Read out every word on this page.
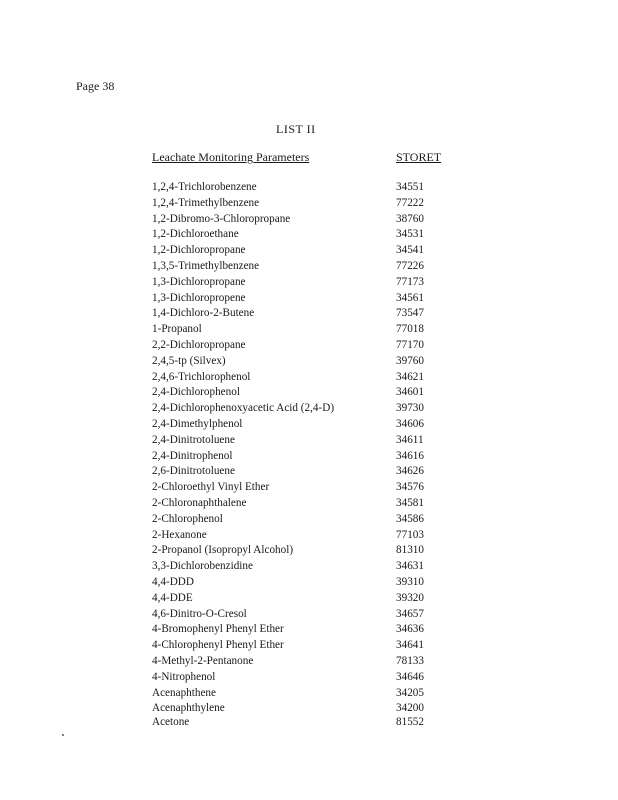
Page 38
LIST II
Leachate Monitoring Parameters	STORET
1,2,4-Trichlorobenzene	34551
1,2,4-Trimethylbenzene	77222
1,2-Dibromo-3-Chloropropane	38760
1,2-Dichloroethane	34531
1,2-Dichloropropane	34541
1,3,5-Trimethylbenzene	77226
1,3-Dichloropropane	77173
1,3-Dichloropropene	34561
1,4-Dichloro-2-Butene	73547
1-Propanol	77018
2,2-Dichloropropane	77170
2,4,5-tp (Silvex)	39760
2,4,6-Trichlorophenol	34621
2,4-Dichlorophenol	34601
2,4-Dichlorophenoxyacetic Acid (2,4-D)	39730
2,4-Dimethylphenol	34606
2,4-Dinitrotoluene	34611
2,4-Dinitrophenol	34616
2,6-Dinitrotoluene	34626
2-Chloroethyl Vinyl Ether	34576
2-Chloronaphthalene	34581
2-Chlorophenol	34586
2-Hexanone	77103
2-Propanol (Isopropyl Alcohol)	81310
3,3-Dichlorobenzidine	34631
4,4-DDD	39310
4,4-DDE	39320
4,6-Dinitro-O-Cresol	34657
4-Bromophenyl Phenyl Ether	34636
4-Chlorophenyl Phenyl Ether	34641
4-Methyl-2-Pentanone	78133
4-Nitrophenol	34646
Acenaphthene	34205
Acenaphthylene	34200
Acetone	81552
